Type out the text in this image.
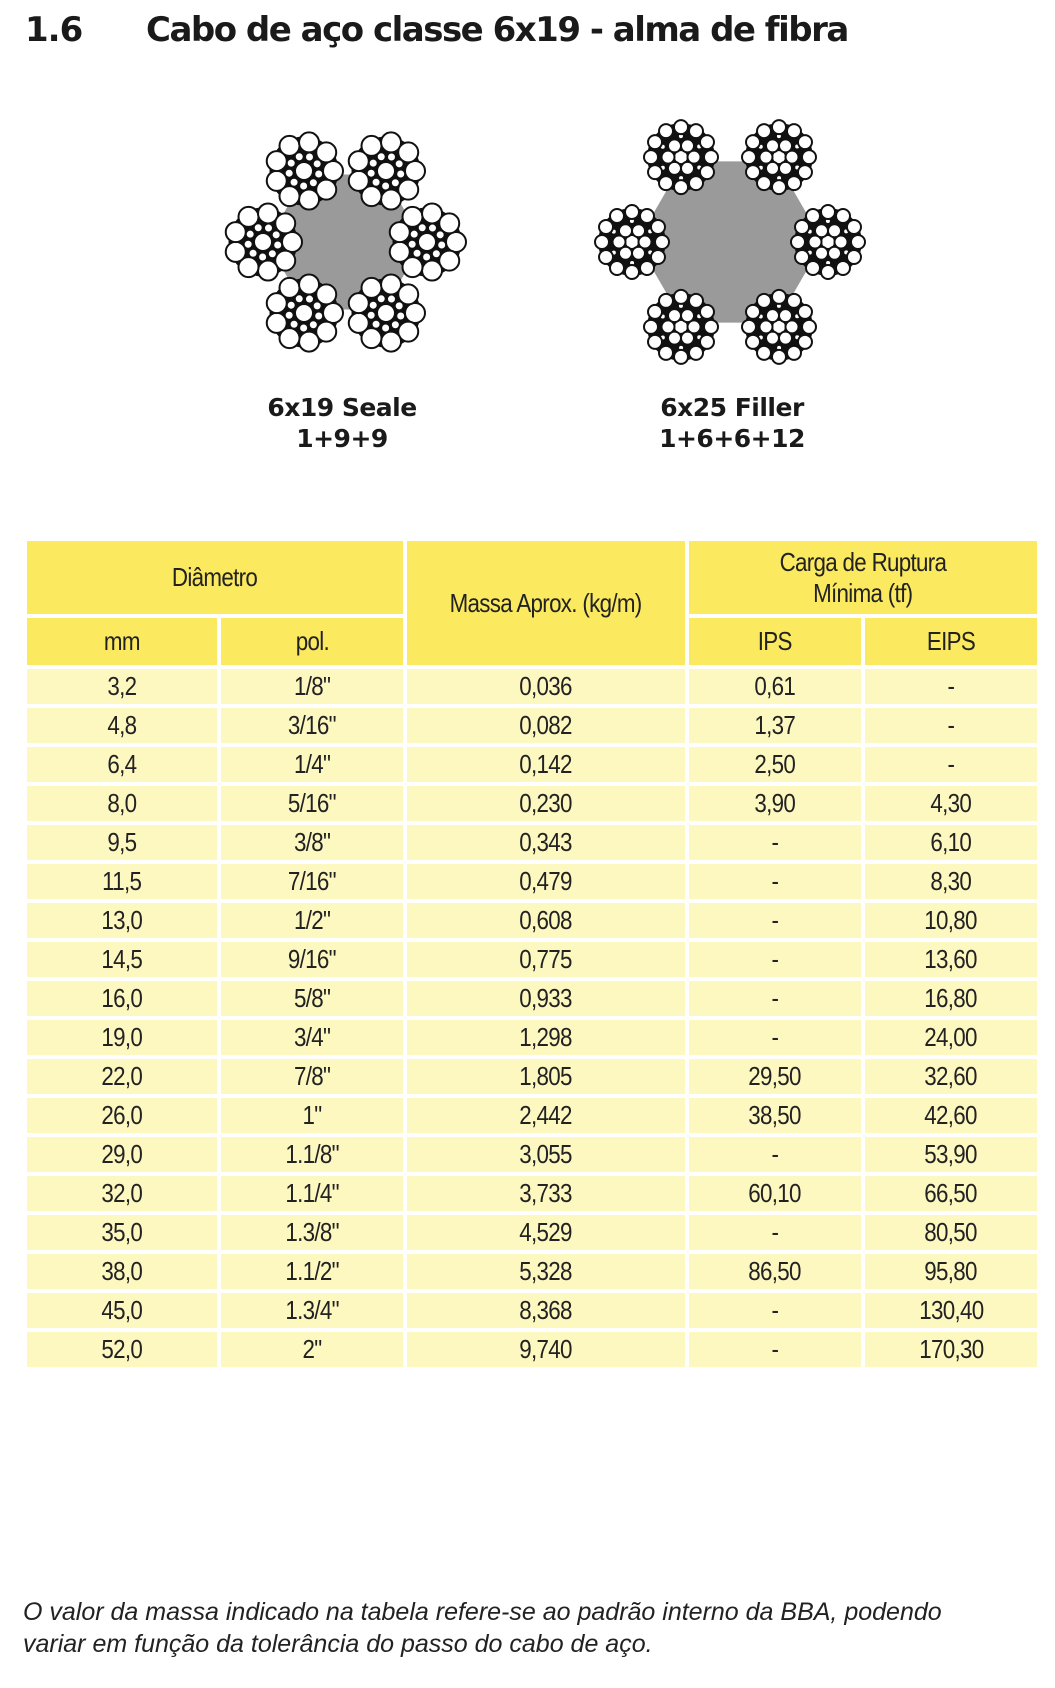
1.6	Cabo de aço classe 6x19 - alma de fibra
6x19 Seale
1+9+9
6x25 Filler
1+6+6+12
Diâmetro		Massa Aprox. (kg/m)	Carga de Ruptura
Mínima (tf)	
mm	pol.		IPS	EIPS
3,2	1/8"	0,036	0,61	-
4,8	3/16"	0,082	1,37	-
6,4	1/4"	0,142	2,50	-
8,0	5/16"	0,230	3,90	4,30
9,5	3/8"	0,343	-	6,10
11,5	7/16"	0,479	-	8,30
13,0	1/2"	0,608	-	10,80
14,5	9/16"	0,775	-	13,60
16,0	5/8"	0,933	-	16,80
19,0	3/4"	1,298	-	24,00
22,0	7/8"	1,805	29,50	32,60
26,0	1"	2,442	38,50	42,60
29,0	1.1/8"	3,055	-	53,90
32,0	1.1/4"	3,733	60,10	66,50
35,0	1.3/8"	4,529	-	80,50
38,0	1.1/2"	5,328	86,50	95,80
45,0	1.3/4"	8,368	-	130,40
52,0	2"	9,740	-	170,30
O valor da massa indicado na tabela refere-se ao padrão interno da BBA, podendo
variar em função da tolerância do passo do cabo de aço.
